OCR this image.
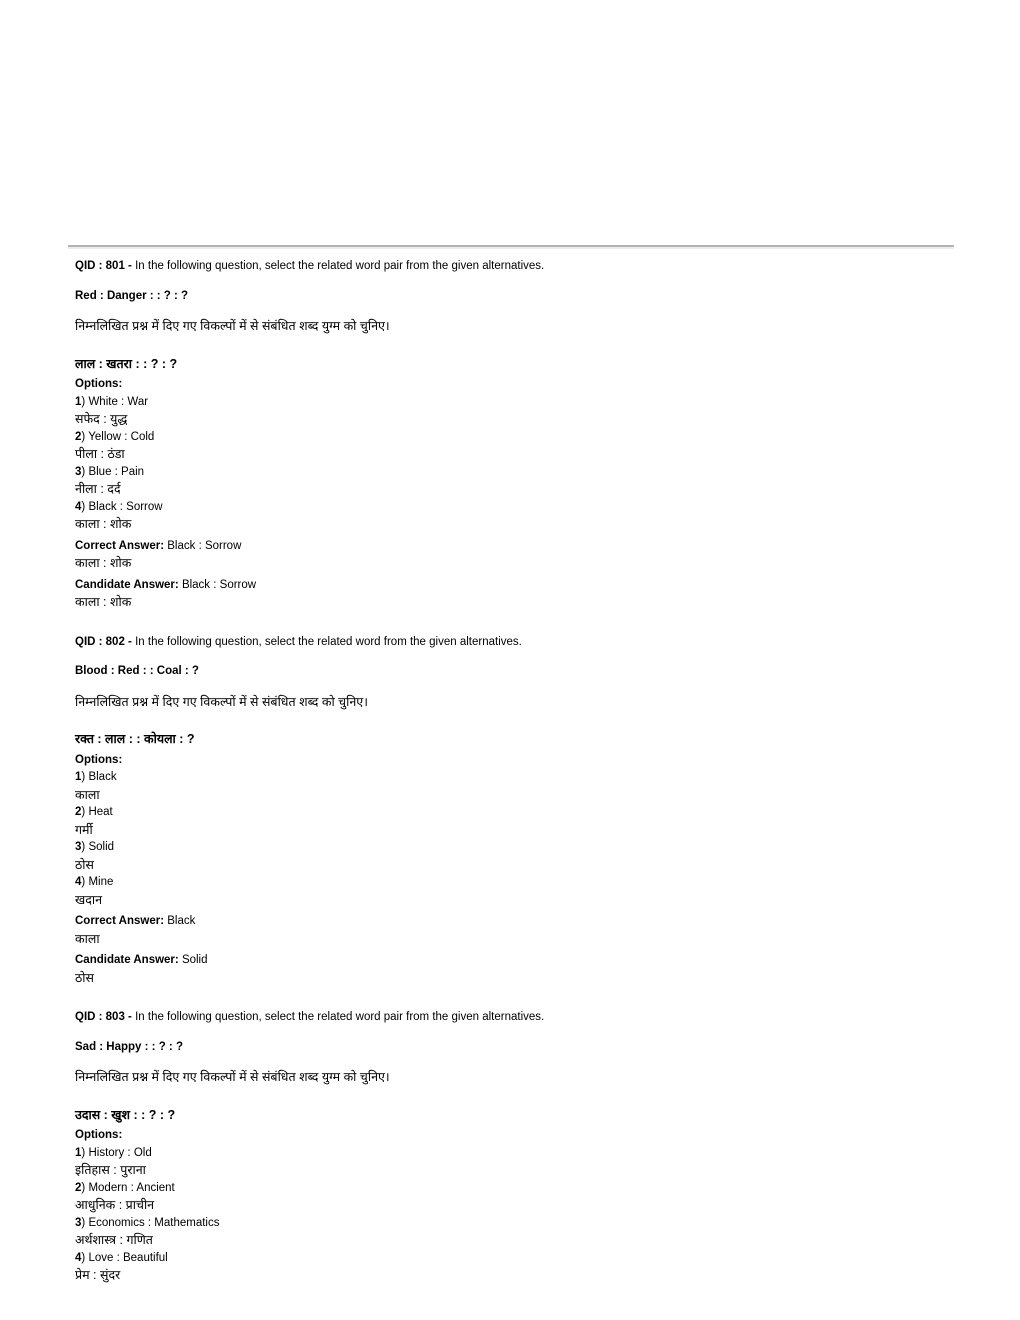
QID : 801 - In the following question, select the related word pair from the given alternatives.

Red : Danger : : ? : ?

निम्नलिखित प्रश्न में दिए गए विकल्पों में से संबंधित शब्द युग्म को चुनिए।

लाल : खतरा : : ? : ?

Options:

1) White : War

सफेद : युद्ध

2) Yellow : Cold

पीला : ठंडा

3) Blue : Pain

नीला : दर्द

4) Black : Sorrow

काला : शोक

Correct Answer: Black : Sorrow

काला : शोक

Candidate Answer: Black : Sorrow

काला : शोक

QID : 802 - In the following question, select the related word from the given alternatives.

Blood : Red : : Coal : ?

निम्नलिखित प्रश्न में दिए गए विकल्पों में से संबंधित शब्द को चुनिए।

रक्त : लाल : : कोयला : ?

Options:

1) Black

काला

2) Heat

गर्मी

3) Solid

ठोस

4) Mine

खदान

Correct Answer: Black

काला

Candidate Answer: Solid

ठोस

QID : 803 - In the following question, select the related word pair from the given alternatives.

Sad : Happy : : ? : ?

निम्नलिखित प्रश्न में दिए गए विकल्पों में से संबंधित शब्द युग्म को चुनिए।

उदास : खुश : : ? : ?

Options:

1) History : Old

इतिहास : पुराना

2) Modern : Ancient

आधुनिक : प्राचीन

3) Economics : Mathematics

अर्थशास्त्र : गणित

4) Love : Beautiful

प्रेम : सुंदर
